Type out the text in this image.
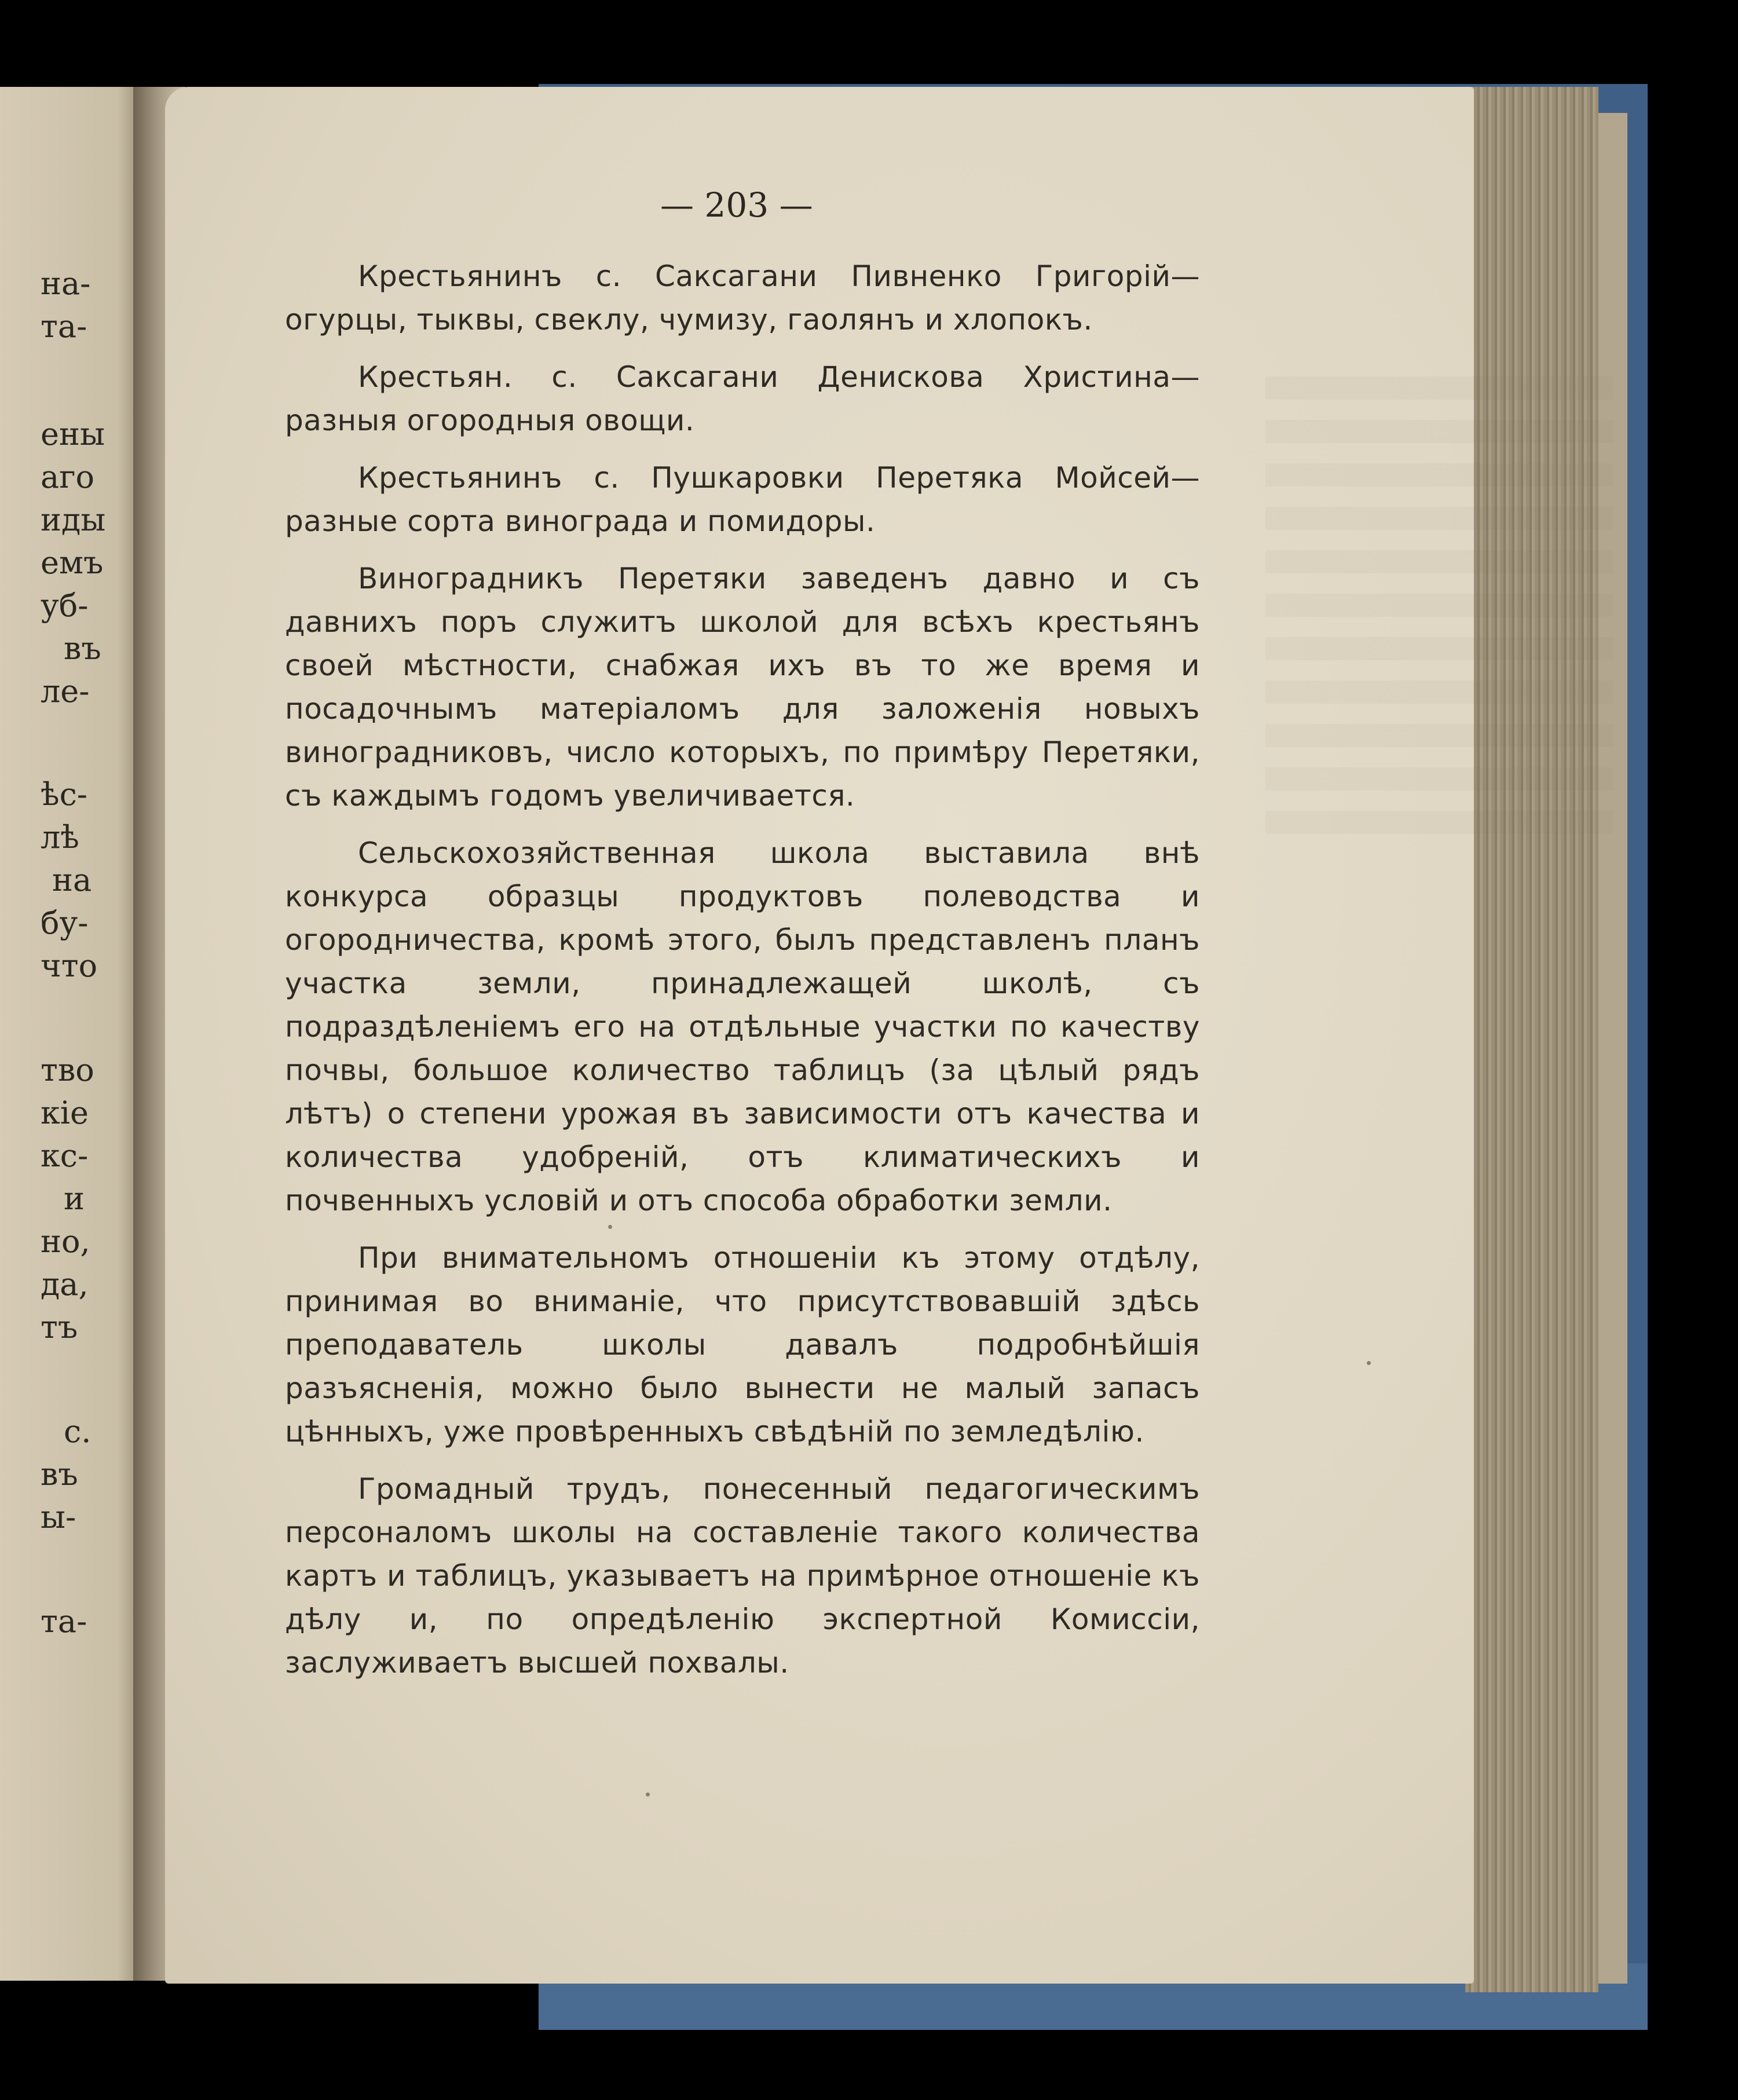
на-
та-
ены
аго
иды
емъ
уб-
въ
ле-
ѣс-
лѣ
на
бу-
что
тво
кіе
кс-
и
но,
да,
тъ
с.
въ
ы-
та-
— 203 —

Крестьянинъ с. Саксагани Пивненко Григорій— огурцы, тыквы, свеклу, чумизу, гаолянъ и хлопокъ.

Крестьян. с. Саксагани Денискова Христина— разныя огородныя овощи.

Крестьянинъ с. Пушкаровки Перетяка Мойсей— разные сорта винограда и помидоры.

Виноградникъ Перетяки заведенъ давно и съ давнихъ поръ служитъ школой для всѣхъ крестьянъ своей мѣстности, снабжая ихъ въ то же время и посадочнымъ матеріаломъ для заложенія новыхъ виноградниковъ, число которыхъ, по примѣру Перетяки, съ каждымъ годомъ увеличивается.

Сельскохозяйственная школа выставила внѣ конкурса образцы продуктовъ полеводства и огородничества, кромѣ этого, былъ представленъ планъ участка земли, принадлежащей школѣ, съ подраздѣленіемъ его на отдѣльные участки по качеству почвы, большое количество таблицъ (за цѣлый рядъ лѣтъ) о степени урожая въ зависимости отъ качества и количества удобреній, отъ климатическихъ и почвенныхъ условій и отъ способа обработки земли.

При внимательномъ отношеніи къ этому отдѣлу, принимая во вниманіе, что присутствовавшій здѣсь преподаватель школы давалъ подробнѣйшія разъясненія, можно было вынести не малый запасъ цѣнныхъ, уже провѣренныхъ свѣдѣній по земледѣлію.

Громадный трудъ, понесенный педагогическимъ персоналомъ школы на составленіе такого количества картъ и таблицъ, указываетъ на примѣрное отношеніе къ дѣлу и, по опредѣленію экспертной Комиссіи, заслуживаетъ высшей похвалы.
